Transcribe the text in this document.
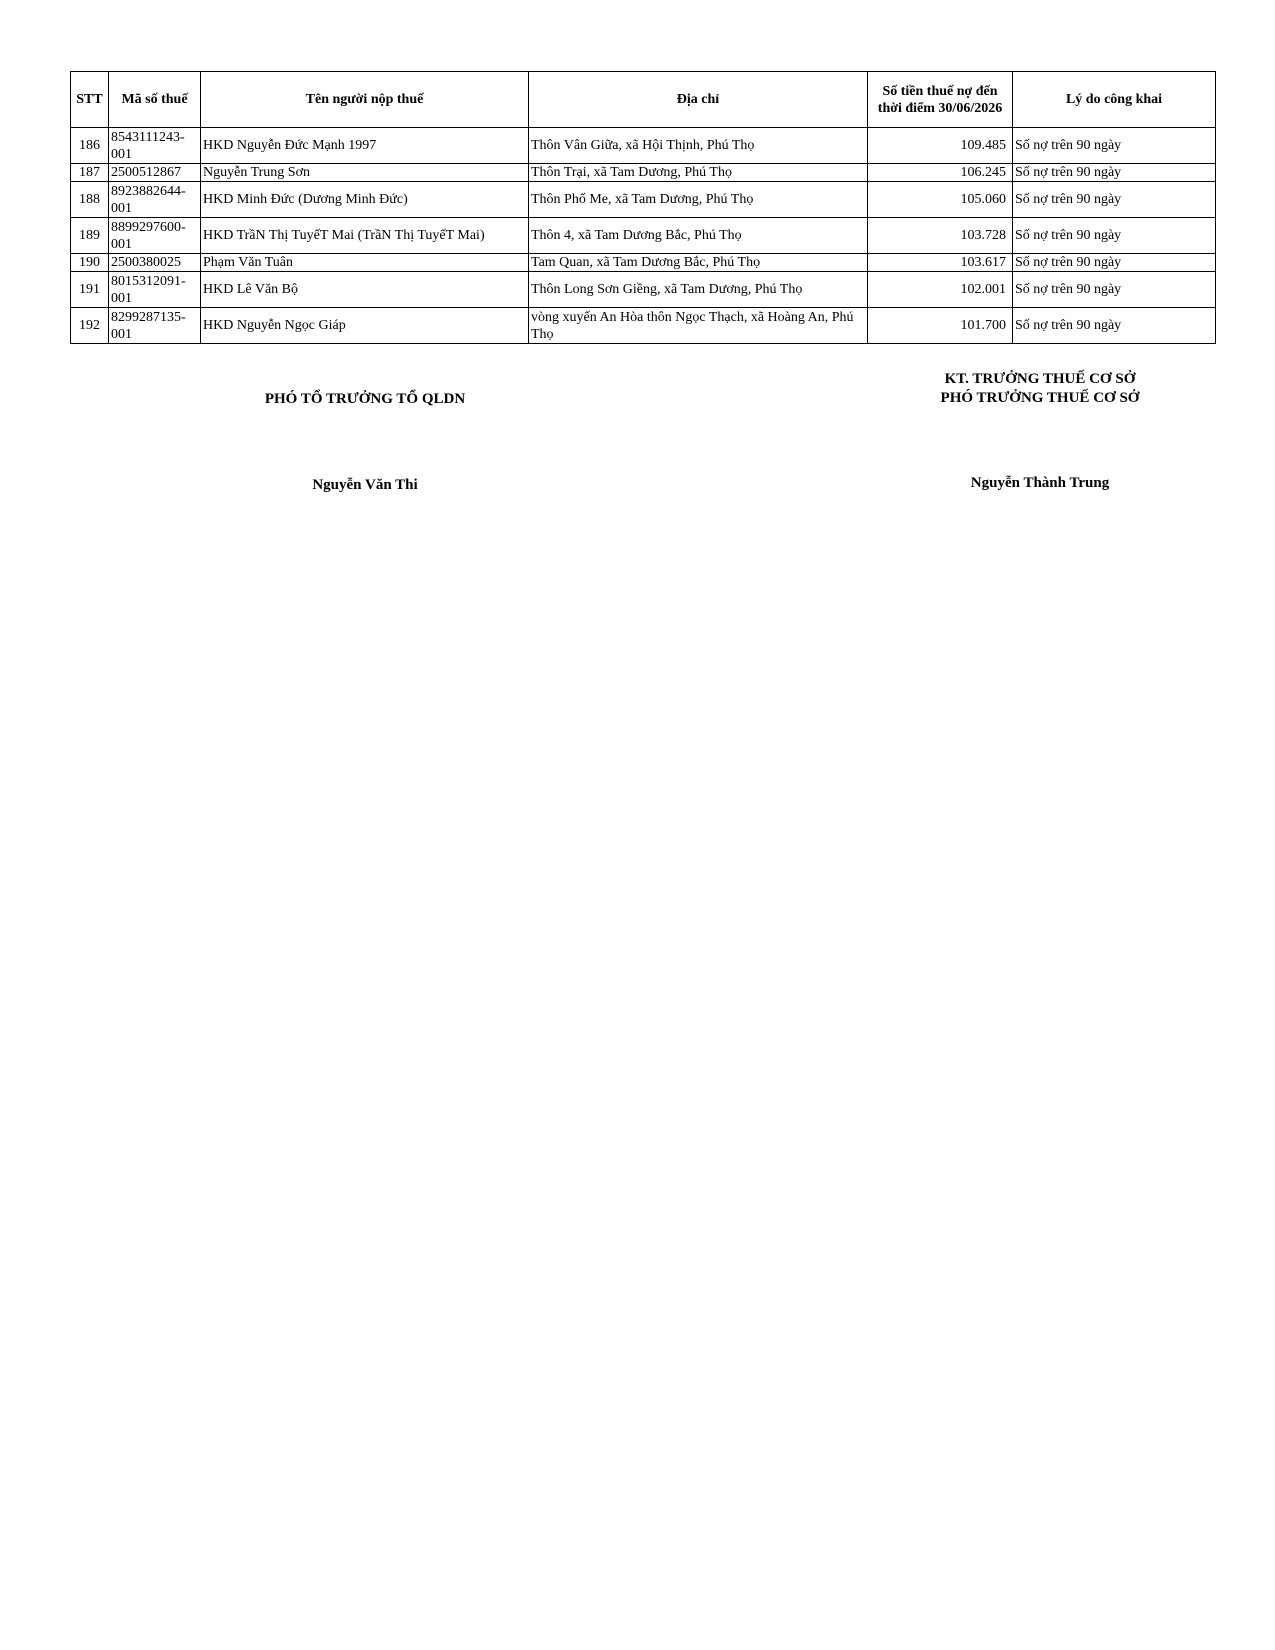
STT	Mã số thuế	Tên người nộp thuế	Địa chỉ	Số tiền thuế nợ đến
thời điểm 30/06/2026	Lý do công khai
186	8543111243-001	HKD Nguyễn Đức Mạnh 1997	Thôn Vân Giữa, xã Hội Thịnh, Phú Thọ	109.485	Số nợ trên 90 ngày
187	2500512867	Nguyễn Trung Sơn	Thôn Trại, xã Tam Dương, Phú Thọ	106.245	Số nợ trên 90 ngày
188	8923882644-001	HKD Minh Đức (Dương Minh Đức)	Thôn Phố Me, xã Tam Dương, Phú Thọ	105.060	Số nợ trên 90 ngày
189	8899297600-001	HKD TrầN Thị TuyếT Mai (TrầN Thị TuyếT Mai)	Thôn 4, xã Tam Dương Bắc, Phú Thọ	103.728	Số nợ trên 90 ngày
190	2500380025	Phạm Văn Tuân	Tam Quan, xã Tam Dương Bắc, Phú Thọ	103.617	Số nợ trên 90 ngày
191	8015312091-001	HKD Lê Văn Bộ	Thôn Long Sơn Giềng, xã Tam Dương, Phú Thọ	102.001	Số nợ trên 90 ngày
192	8299287135-001	HKD Nguyễn Ngọc Giáp	vòng xuyến An Hòa thôn Ngọc Thạch, xã Hoàng An, Phú Thọ	101.700	Số nợ trên 90 ngày
PHÓ TỔ TRƯỞNG TỔ QLDN
Nguyễn Văn Thi
KT. TRƯỞNG THUẾ CƠ SỞ
PHÓ TRƯỞNG THUẾ CƠ SỞ
Nguyễn Thành Trung
